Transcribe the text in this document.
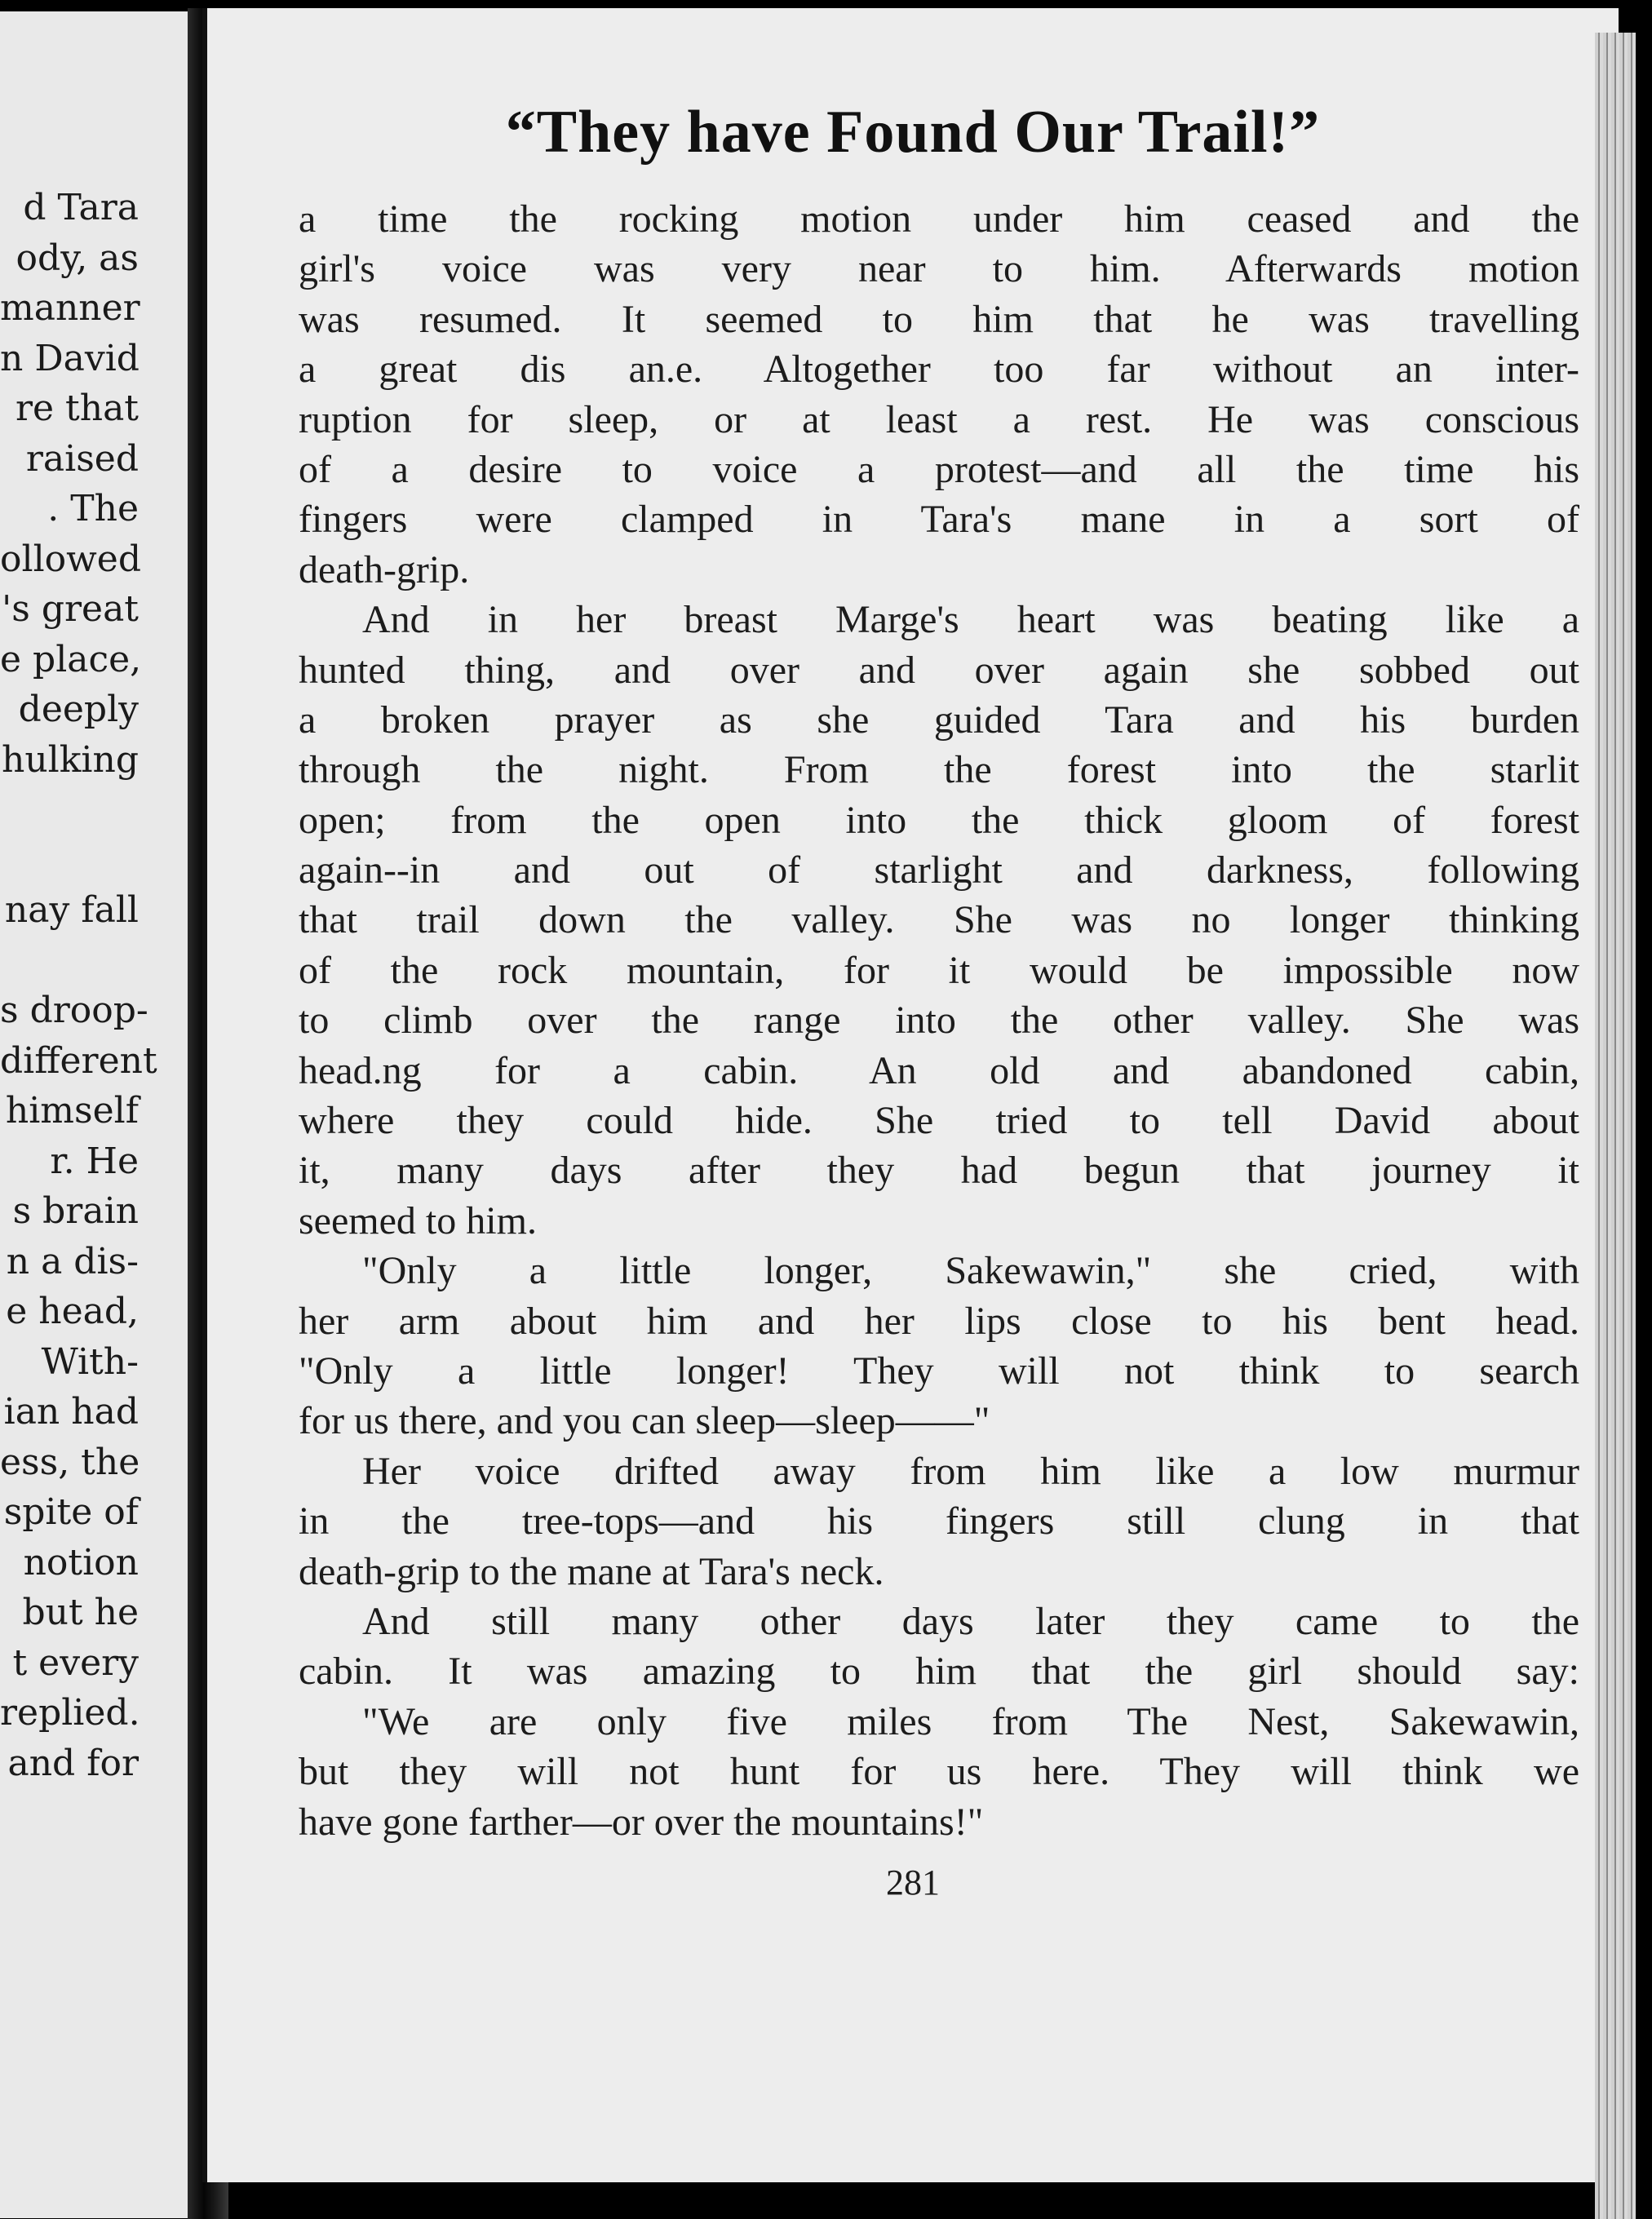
d Tara
ody, as
manner
n David
re that
raised
. The
ollowed
's great
e place,
deeply
hulking
nay fall
s droop-
different
himself
r. He
s brain
n a dis-
e head,
With-
ian had
ess, the
spite of
notion
but he
t every
replied.
and for
“They have Found Our Trail!”
a time the rocking motion under him ceased and the
girl's voice was very near to him. Afterwards motion
was resumed. It seemed to him that he was travelling
a great dis an.e. Altogether too far without an inter-
ruption for sleep, or at least a rest. He was conscious
of a desire to voice a protest—and all the time his
fingers were clamped in Tara's mane in a sort of
death-grip.
And in her breast Marge's heart was beating like a
hunted thing, and over and over again she sobbed out
a broken prayer as she guided Tara and his burden
through the night. From the forest into the starlit
open; from the open into the thick gloom of forest
again--in and out of starlight and darkness, following
that trail down the valley. She was no longer thinking
of the rock mountain, for it would be impossible now
to climb over the range into the other valley. She was
head.ng for a cabin. An old and abandoned cabin,
where they could hide. She tried to tell David about
it, many days after they had begun that journey it
seemed to him.
"Only a little longer, Sakewawin," she cried, with
her arm about him and her lips close to his bent head.
"Only a little longer! They will not think to search
for us there, and you can sleep—sleep——"
Her voice drifted away from him like a low murmur
in the tree-tops—and his fingers still clung in that
death-grip to the mane at Tara's neck.
And still many other days later they came to the
cabin. It was amazing to him that the girl should say:
"We are only five miles from The Nest, Sakewawin,
but they will not hunt for us here. They will think we
have gone farther—or over the mountains!"
281
